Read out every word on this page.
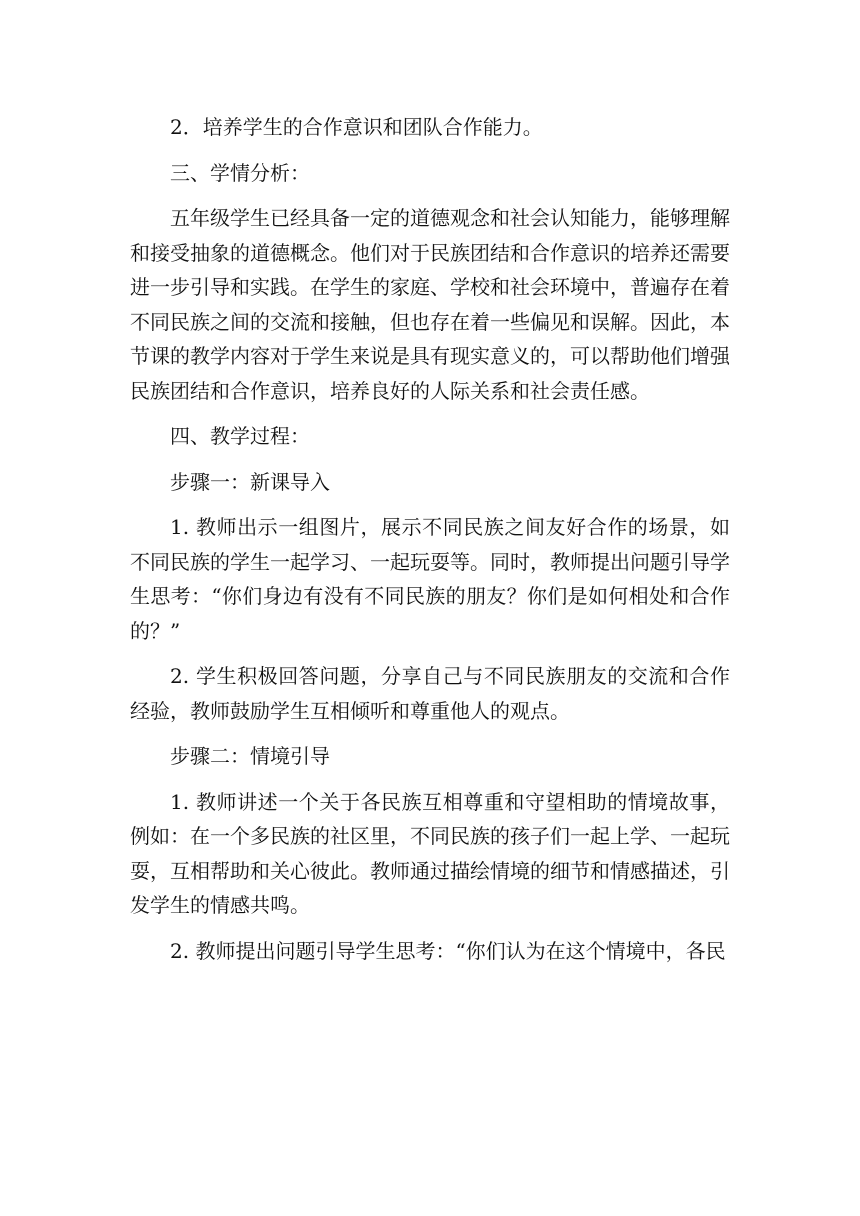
2．培养学生的合作意识和团队合作能力。

三、学情分析：

五年级学生已经具备一定的道德观念和社会认知能力，能够理解和接受抽象的道德概念。他们对于民族团结和合作意识的培养还需要进一步引导和实践。在学生的家庭、学校和社会环境中，普遍存在着不同民族之间的交流和接触，但也存在着一些偏见和误解。因此，本节课的教学内容对于学生来说是具有现实意义的，可以帮助他们增强民族团结和合作意识，培养良好的人际关系和社会责任感。

四、教学过程：

步骤一：新课导入

1. 教师出示一组图片，展示不同民族之间友好合作的场景，如不同民族的学生一起学习、一起玩耍等。同时，教师提出问题引导学生思考：“你们身边有没有不同民族的朋友？你们是如何相处和合作的？”

2. 学生积极回答问题，分享自己与不同民族朋友的交流和合作经验，教师鼓励学生互相倾听和尊重他人的观点。

步骤二：情境引导

1. 教师讲述一个关于各民族互相尊重和守望相助的情境故事，例如：在一个多民族的社区里，不同民族的孩子们一起上学、一起玩耍，互相帮助和关心彼此。教师通过描绘情境的细节和情感描述，引发学生的情感共鸣。

2. 教师提出问题引导学生思考：“你们认为在这个情境中，各民
